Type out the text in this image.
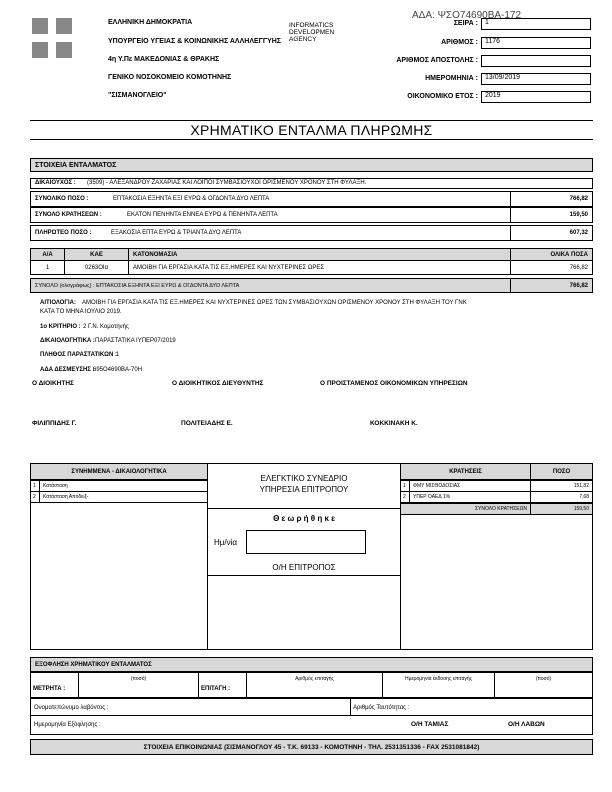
ΕΛΛΗΝΙΚΗ ΔΗΜΟΚΡΑΤΙΑ
ΥΠΟΥΡΓΕΙΟ ΥΓΕΙΑΣ & ΚΟΙΝΩΝΙΚΗΣ ΑΛΛΗΛΕΓΓΥΗΣ
4η Υ.Πε ΜΑΚΕΔΟΝΙΑΣ & ΘΡΑΚΗΣ
ΓΕΝΙΚΟ ΝΟΣΟΚΟΜΕΙΟ ΚΟΜΟΤΗΝΗΣ
"ΣΙΣΜΑΝΟΓΛΕΙΟ"
INFORMATICS DEVELOPMEN AGENCY
ΑΔΑ: ΨΣΟ74690ΒΑ-172
ΣΕΙΡΑ :	1
ΑΡΙΘΜΟΣ :	1176
ΑΡΙΘΜΟΣ ΑΠΟΣΤΟΛΗΣ :
ΗΜΕΡΟΜΗΝΙΑ :	13/09/2019
ΟΙΚΟΝΟΜΙΚΟ ΕΤΟΣ :	2019
ΧΡΗΜΑΤΙΚΟ ΕΝΤΑΛΜΑ ΠΛΗΡΩΜΗΣ
ΣΤΟΙΧΕΙΑ ΕΝΤΑΛΜΑΤΟΣ
ΔΙΚΑΙΟΥΧΟΣ : (3509) - ΑΛΕΞΑΝΔΡΟΥ ΖΑΧΑΡΙΑΣ ΚΑΙ ΛΟΙΠΟΙ ΣΥΜΒΑΣΙΟΥΧΟΙ ΟΡΙΣΜΕΝΟΥ ΧΡΟΝΟΥ ΣΤΗ ΦΥΛΑΞΗ.
ΣΥΝΟΛΙΚΟ ΠΟΣΟ :	ΕΠΤΑΚΟΣΙΑ ΕΞΗΝΤΑ ΕΞΙ ΕΥΡΩ & ΟΓΔΟΝΤΑ ΔΥΟ ΛΕΠΤΑ	766,82
ΣΥΝΟΛΟ ΚΡΑΤΗΣΕΩΝ :	ΕΚΑΤΟΝ ΠΕΝΗΝΤΑ ΕΝΝΕΑ ΕΥΡΩ & ΠΕΝΗΝΤΑ ΛΕΠΤΑ	159,50
ΠΛΗΡΩΤΕΟ ΠΟΣΟ :	ΕΞΑΚΟΣΙΑ ΕΠΤΑ ΕΥΡΩ & ΤΡΙΑΝΤΑ ΔΥΟ ΛΕΠΤΑ	607,32
Α/Α	ΚΑΕ	ΚΑΤΟΝΟΜΑΣΙΑ	ΟΛΙΚΑ ΠΟΣΑ
1	0263ΟΙα	ΑΜΟΙΒΗ ΓΙΑ ΕΡΓΑΣΙΑ ΚΑΤΑ ΤΙΣ ΕΞ.ΗΜΕΡΕΣ ΚΑΙ ΝΥΧΤΕΡΙΝΕΣ ΩΡΕΣ	766,82
ΣΥΝΟΛΟ (ολογράφως) : ΕΠΤΑΚΟΣΙΑ ΕΞΗΝΤΑ ΕΞΙ ΕΥΡΩ & ΟΓΔΟΝΤΑ ΔΥΟ ΛΕΠΤΑ	766,82
ΑΙΤΙΟΛΟΓΙΑ: ΑΜΟΙΒΗ ΓΙΑ ΕΡΓΑΣΙΑ ΚΑΤΑ ΤΙΣ ΕΞ.ΗΜΕΡΕΣ ΚΑΙ ΝΥΧΤΕΡΙΝΕΣ ΩΡΕΣ ΤΩΝ ΣΥΜΒΑΣΙΟΥΧΩΝ ΟΡΙΣΜΕΝΟΥ ΧΡΟΝΟΥ ΣΤΗ ΦΥΛΑΞΗ ΤΟΥ ΓΝΚ
ΚΑΤΑ ΤΟ ΜΗΝΑ ΙΟΥΛΙΟ 2019.
1ο ΚΡΙΤΗΡΙΟ : 2 Γ.Ν. Κομοτηνής
ΔΙΚΑΙΟΛΟΓΗΤΙΚΑ : ΠΑΡΑΣΤΑΤΙΚΑ ΙΥΠΕΡ07/2019
ΠΛΗΘΟΣ ΠΑΡΑΣΤΑΤΙΚΩΝ : 1
ΑΔΑ ΔΕΣΜΕΥΣΗΣ :
695Ο4690ΒΑ-70Η
Ο ΔΙΟΙΚΗΤΗΣ	Ο ΔΙΟΙΚΗΤΙΚΟΣ ΔΙΕΥΘΥΝΤΗΣ	Ο ΠΡΟΙΣΤΑΜΕΝΟΣ ΟΙΚΟΝΟΜΙΚΩΝ ΥΠΗΡΕΣΙΩΝ
ΦΙΛΙΠΠΙΔΗΣ Γ.	ΠΟΛΙΤΕΙΑΔΗΣ Ε.	ΚΟΚΚΙΝΑΚΗ Κ.
ΣΥΝΗΜΜΕΝΑ - ΔΙΚΑΙΟΛΟΓΗΤΙΚΑ
1	Κατάσταση
2	Κατάσταση Απόδειξ-
ΕΛΕΓΚΤΙΚΟ ΣΥΝΕΔΡΙΟ
ΥΠΗΡΕΣΙΑ ΕΠΙΤΡΟΠΟΥ
Θ ε ω ρ ή θ η κ ε
Ημ/νία
Ο/Η ΕΠΙΤΡΟΠΟΣ
ΚΡΑΤΗΣΕΙΣ	ΠΟΣΟ
1	ΦΜΥ ΜΙΣΘΟΔΟΣΙΑΣ	151,82
2	ΥΠΕΡ ΟΑΕΔ 1%	7,68
ΣΥΝΟΛΟ ΚΡΑΤΗΣΕΩΝ	159,50
ΕΞΟΦΛΗΣΗ ΧΡΗΜΑΤΙΚΟΥ ΕΝΤΑΛΜΑΤΟΣ
ΜΕΤΡΗΤΑ :
(ποσό)
ΕΠΙΤΑΓΗ :
Αριθμός επιταγής	Ημερομηνία έκδοσης επιταγής	(ποσό)
Ονοματεπώνυμο λαβόντος :	Αριθμός Ταυτότητας :
Ημερομηνία Εξόφλησης :	Ο/Η ΤΑΜΙΑΣ	Ο/Η ΛΑΒΩΝ
ΣΤΟΙΧΕΙΑ ΕΠΙΚΟΙΝΩΝΙΑΣ (ΣΙΣΜΑΝΟΓΛΟΥ 45 - Τ.Κ. 69133 - ΚΟΜΟΤΗΝΗ - ΤΗΛ. 2531351336 - FAX 2531081842)
